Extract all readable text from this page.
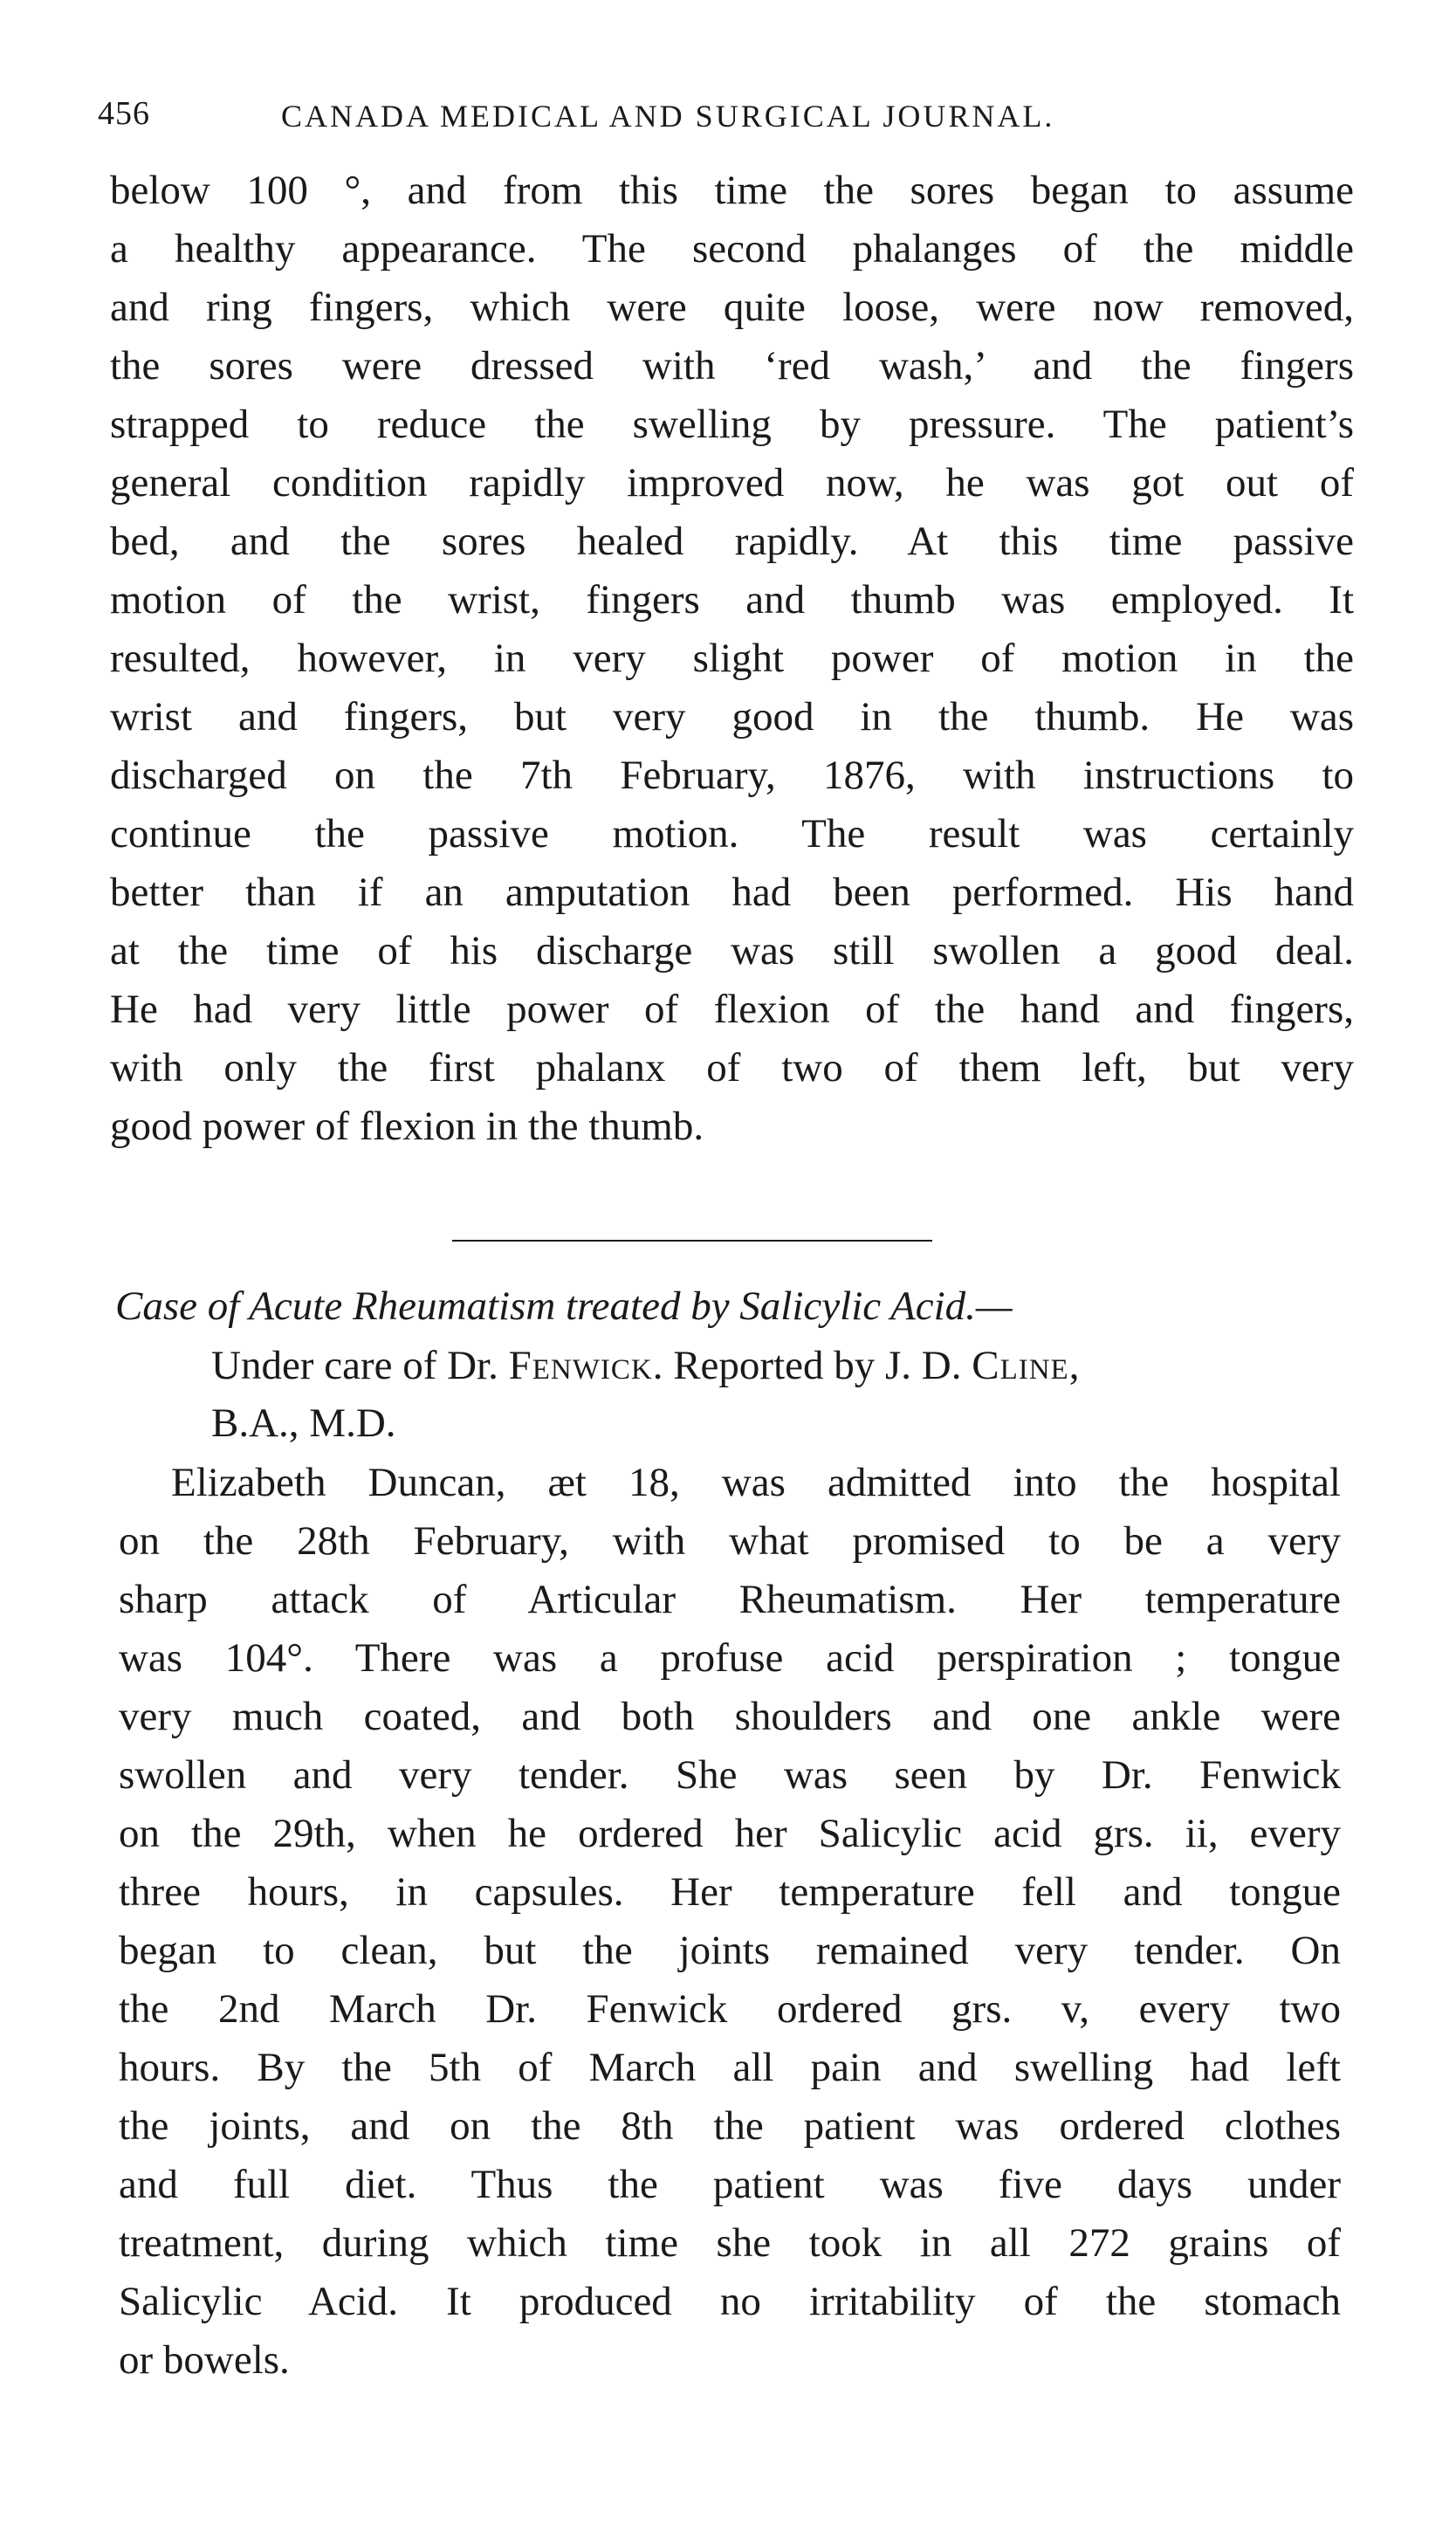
456	CANADA MEDICAL AND SURGICAL JOURNAL.
below 100 °, and from this time the sores began to assume
a healthy appearance. The second phalanges of the middle
and ring fingers, which were quite loose, were now removed,
the sores were dressed with ‘red wash,’ and the fingers
strapped to reduce the swelling by pressure. The patient’s
general condition rapidly improved now, he was got out of
bed, and the sores healed rapidly. At this time passive
motion of the wrist, fingers and thumb was employed. It
resulted, however, in very slight power of motion in the
wrist and fingers, but very good in the thumb. He was
discharged on the 7th February, 1876, with instructions to
continue the passive motion. The result was certainly
better than if an amputation had been performed. His hand
at the time of his discharge was still swollen a good deal.
He had very little power of flexion of the hand and fingers,
with only the first phalanx of two of them left, but very
good power of flexion in the thumb.
Case of Acute Rheumatism treated by Salicylic Acid.—
Under care of Dr. Fenwick. Reported by J. D. Cline,
B.A., M.D.
Elizabeth Duncan, æt 18, was admitted into the hospital
on the 28th February, with what promised to be a very
sharp attack of Articular Rheumatism. Her temperature
was 104°. There was a profuse acid perspiration ; tongue
very much coated, and both shoulders and one ankle were
swollen and very tender. She was seen by Dr. Fenwick
on the 29th, when he ordered her Salicylic acid grs. ii, every
three hours, in capsules. Her temperature fell and tongue
began to clean, but the joints remained very tender. On
the 2nd March Dr. Fenwick ordered grs. v, every two
hours. By the 5th of March all pain and swelling had left
the joints, and on the 8th the patient was ordered clothes
and full diet. Thus the patient was five days under
treatment, during which time she took in all 272 grains of
Salicylic Acid. It produced no irritability of the stomach
or bowels.
